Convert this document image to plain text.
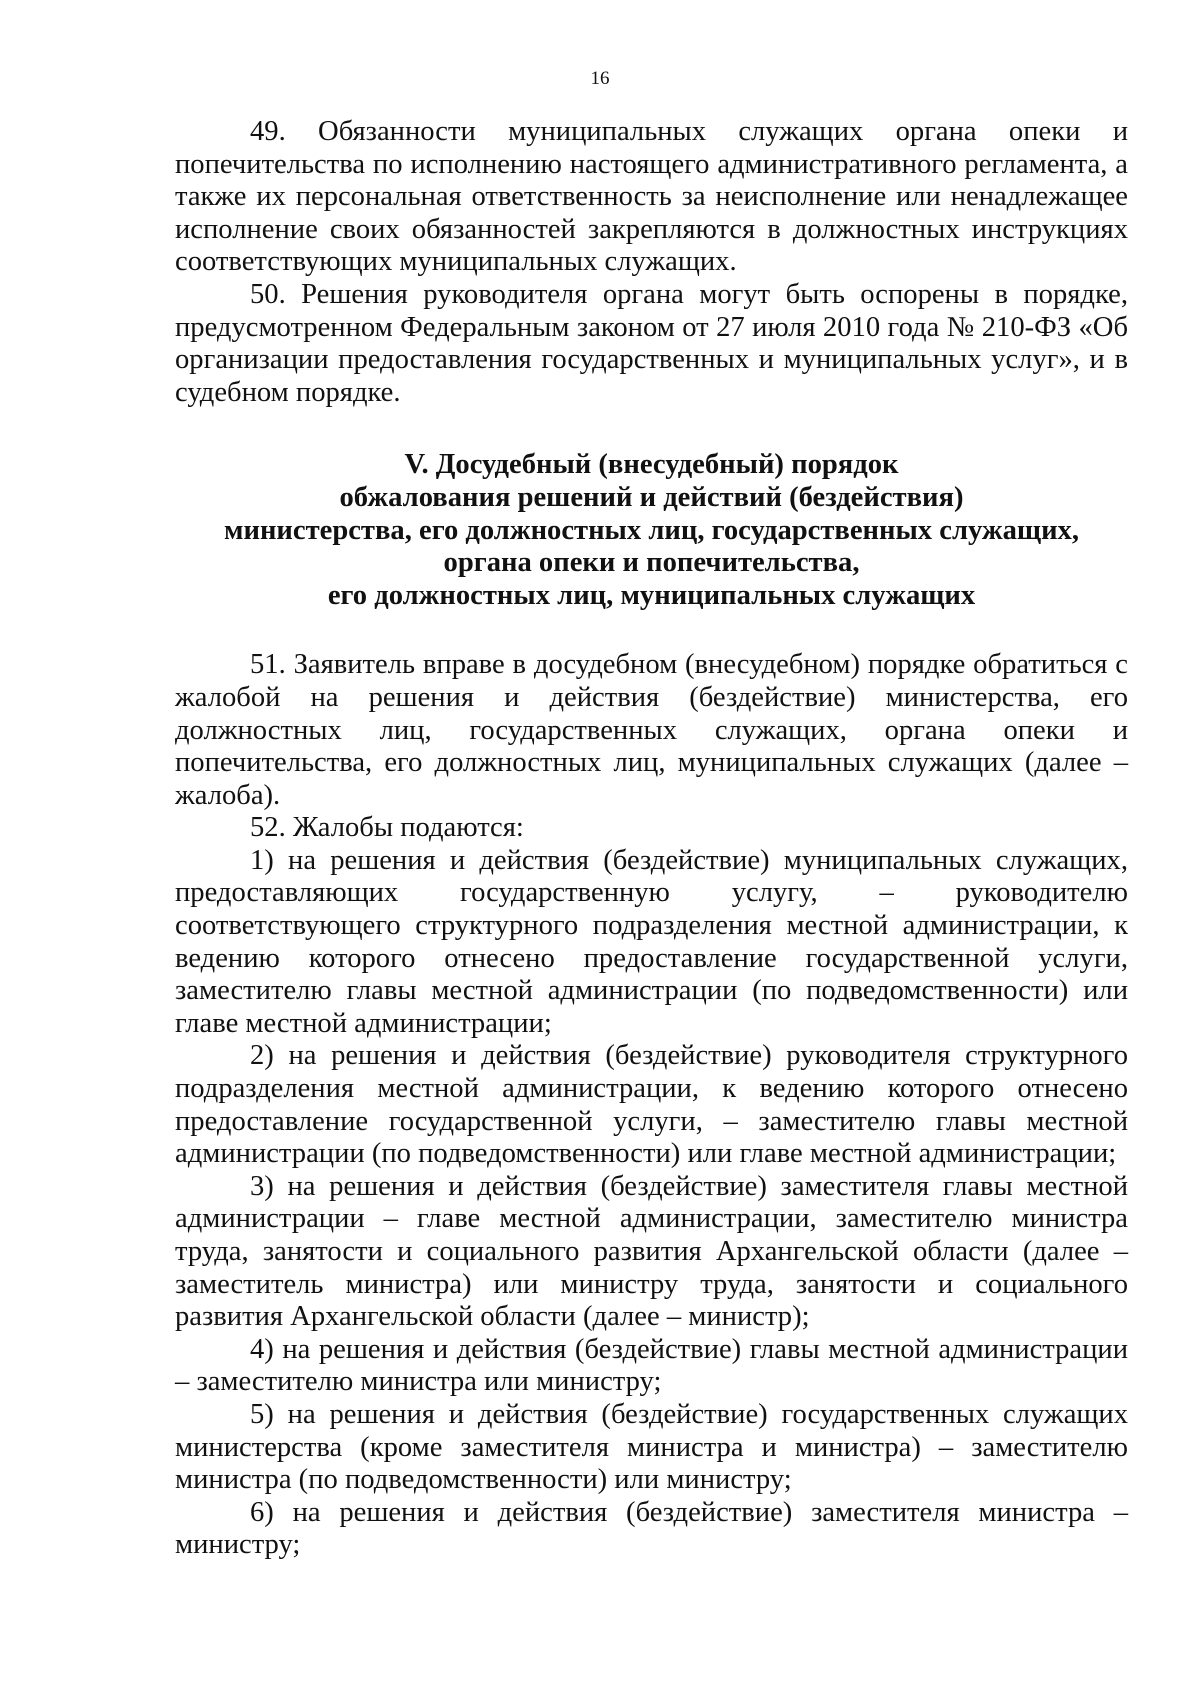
16

49. Обязанности муниципальных служащих органа опеки и попечительства по исполнению настоящего административного регламента, а также их персональная ответственность за неисполнение или ненадлежащее исполнение своих обязанностей закрепляются в должностных инструкциях соответствующих муниципальных служащих.

50. Решения руководителя органа могут быть оспорены в порядке, предусмотренном Федеральным законом от 27 июля 2010 года № 210-ФЗ «Об организации предоставления государственных и муниципальных услуг», и в судебном порядке.

V. Досудебный (внесудебный) порядок
обжалования решений и действий (бездействия)
министерства, его должностных лиц, государственных служащих,
органа опеки и попечительства,
его должностных лиц, муниципальных служащих

51. Заявитель вправе в досудебном (внесудебном) порядке обратиться с жалобой на решения и действия (бездействие) министерства, его должностных лиц, государственных служащих, органа опеки и попечительства, его должностных лиц, муниципальных служащих (далее – жалоба).

52. Жалобы подаются:

1) на решения и действия (бездействие) муниципальных служащих, предоставляющих государственную услугу, – руководителю соответствующего структурного подразделения местной администрации, к ведению которого отнесено предоставление государственной услуги, заместителю главы местной администрации (по подведомственности) или главе местной администрации;

2) на решения и действия (бездействие) руководителя структурного подразделения местной администрации, к ведению которого отнесено предоставление государственной услуги, – заместителю главы местной администрации (по подведомственности) или главе местной администрации;

3) на решения и действия (бездействие) заместителя главы местной администрации – главе местной администрации, заместителю министра труда, занятости и социального развития Архангельской области (далее – заместитель министра) или министру труда, занятости и социального развития Архангельской области (далее – министр);

4) на решения и действия (бездействие) главы местной администрации – заместителю министра или министру;

5) на решения и действия (бездействие) государственных служащих министерства (кроме заместителя министра и министра) – заместителю министра (по подведомственности) или министру;

6) на решения и действия (бездействие) заместителя министра – министру;
